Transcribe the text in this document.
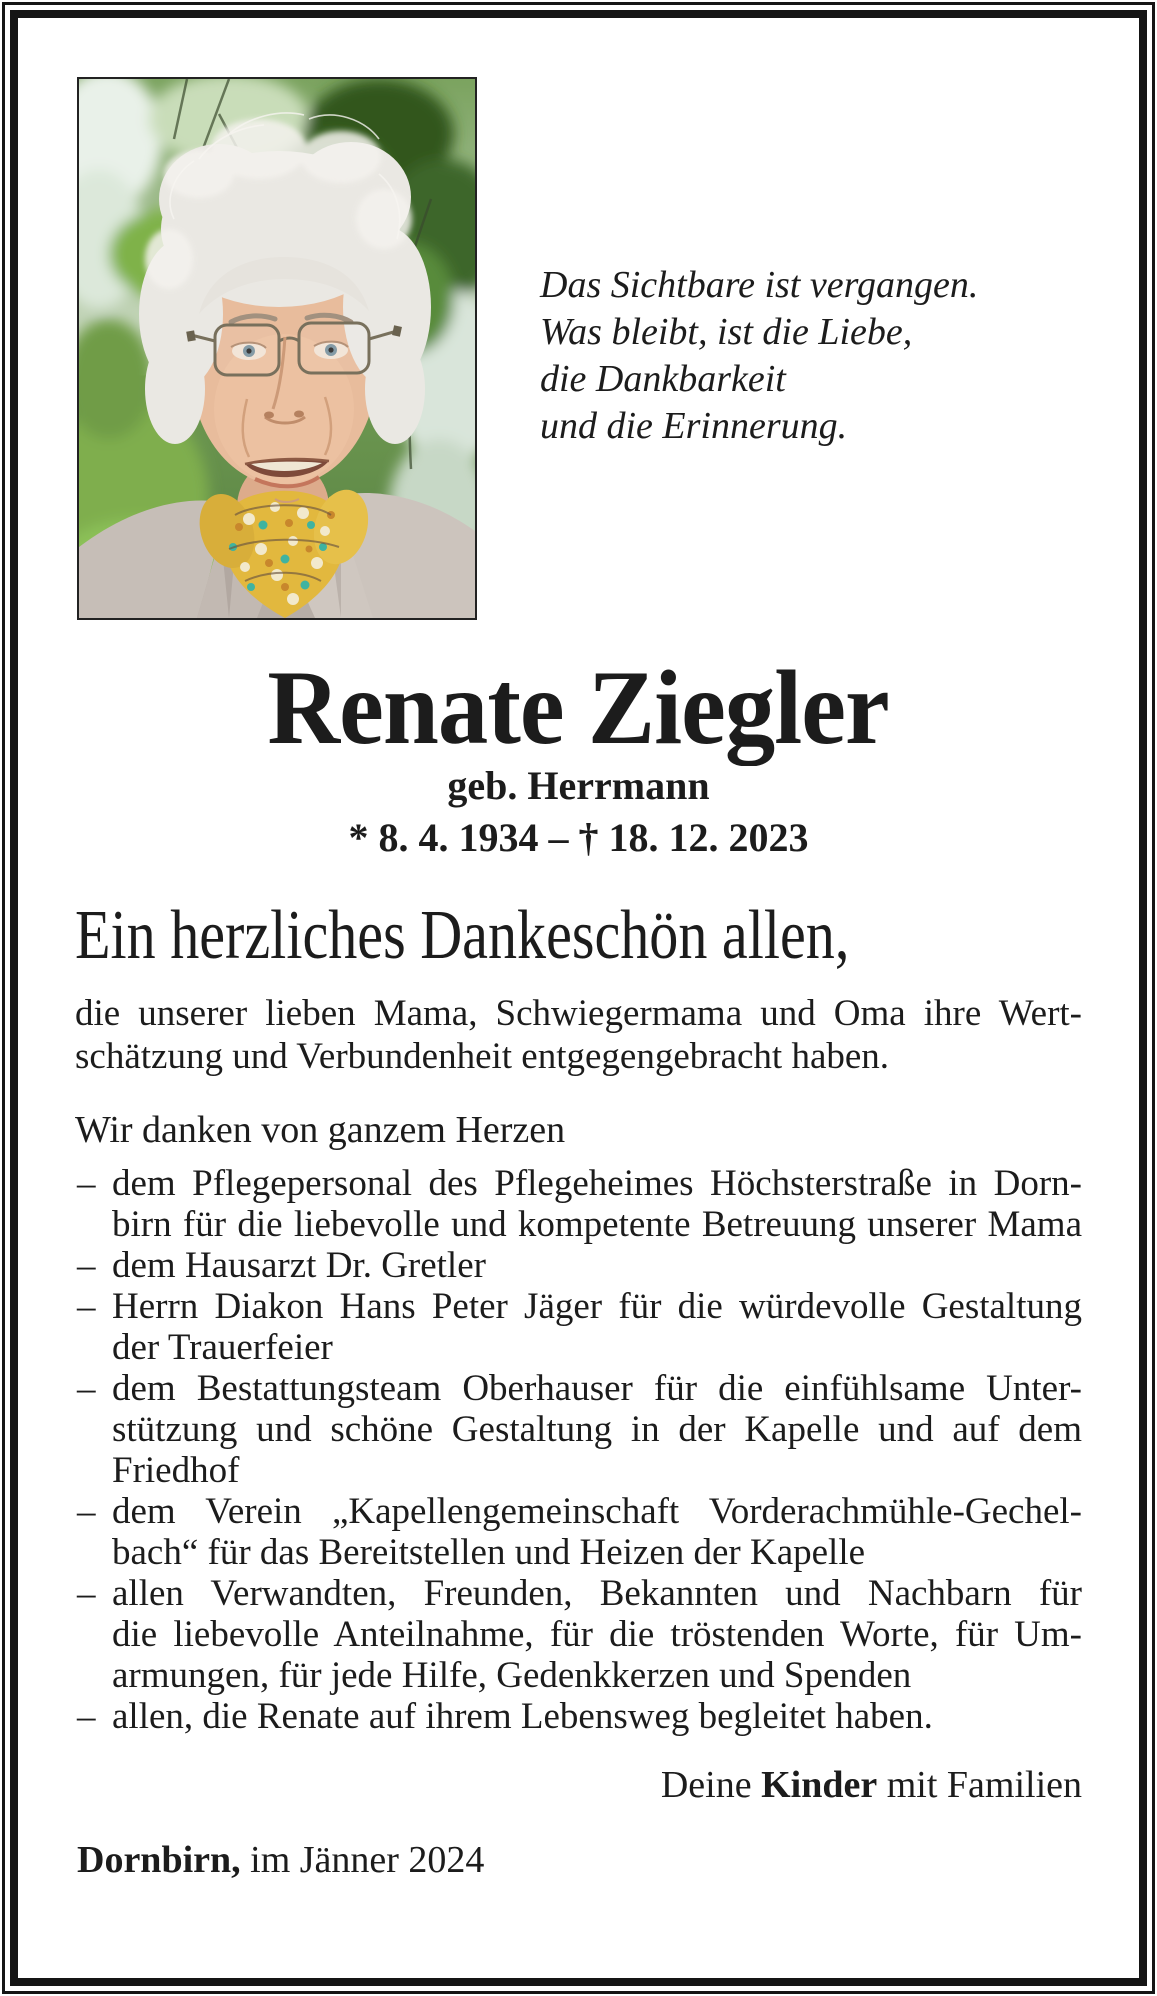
Das Sichtbare ist vergangen.
Was bleibt, ist die Liebe,
die Dankbarkeit
und die Erinnerung.
Renate Ziegler
geb. Herrmann
* 8. 4. 1934 – † 18. 12. 2023
Ein herzliches Dankeschön allen,
die unserer lieben Mama, Schwiegermama und Oma ihre Wert-
schätzung und Verbundenheit entgegengebracht haben.
Wir danken von ganzem Herzen
– dem Pflegepersonal des Pflegeheimes Höchsterstraße in Dorn-
birn für die liebevolle und kompetente Betreuung unserer Mama
– dem Hausarzt Dr. Gretler
– Herrn Diakon Hans Peter Jäger für die würdevolle Gestaltung
der Trauerfeier
– dem Bestattungsteam Oberhauser für die einfühlsame Unter-
stützung und schöne Gestaltung in der Kapelle und auf dem
Friedhof
– dem Verein „Kapellengemeinschaft Vorderachmühle-Gechel-
bach“ für das Bereitstellen und Heizen der Kapelle
– allen Verwandten, Freunden, Bekannten und Nachbarn für
die liebevolle Anteilnahme, für die tröstenden Worte, für Um-
armungen, für jede Hilfe, Gedenkkerzen und Spenden
– allen, die Renate auf ihrem Lebensweg begleitet haben.
Deine Kinder mit Familien
Dornbirn, im Jänner 2024
